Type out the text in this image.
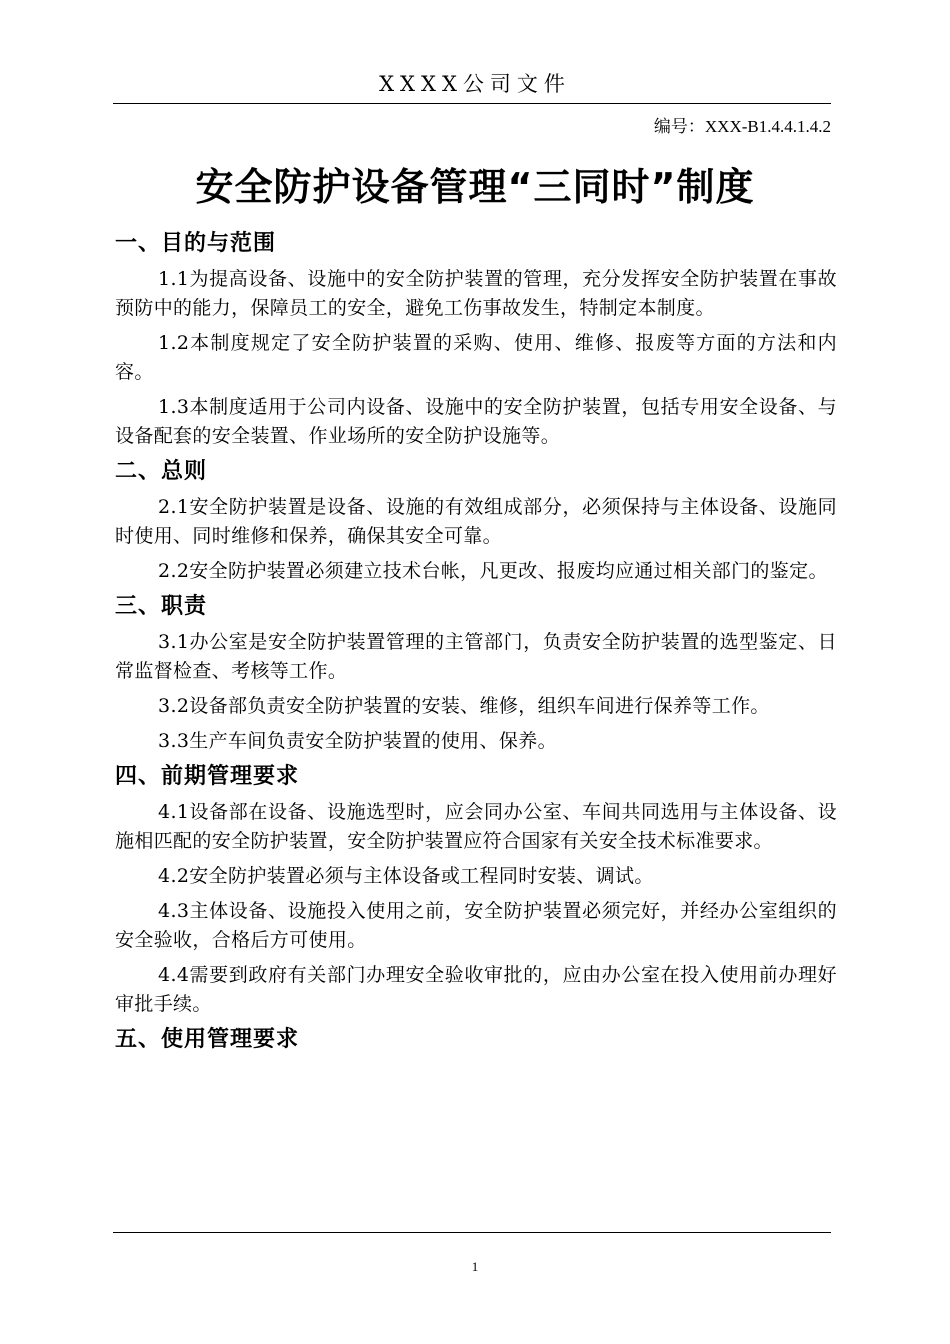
XXXX公司文件
编号：XXX-B1.4.4.1.4.2
安全防护设备管理“三同时”制度
一、目的与范围

1.1为提高设备、设施中的安全防护装置的管理，充分发挥安全防护装置在事故预防中的能力，保障员工的安全，避免工伤事故发生，特制定本制度。

1.2本制度规定了安全防护装置的采购、使用、维修、报废等方面的方法和内容。

1.3本制度适用于公司内设备、设施中的安全防护装置，包括专用安全设备、与设备配套的安全装置、作业场所的安全防护设施等。

二、总则

2.1安全防护装置是设备、设施的有效组成部分，必须保持与主体设备、设施同时使用、同时维修和保养，确保其安全可靠。

2.2安全防护装置必须建立技术台帐，凡更改、报废均应通过相关部门的鉴定。

三、职责

3.1办公室是安全防护装置管理的主管部门，负责安全防护装置的选型鉴定、日常监督检查、考核等工作。

3.2设备部负责安全防护装置的安装、维修，组织车间进行保养等工作。

3.3生产车间负责安全防护装置的使用、保养。

四、前期管理要求

4.1设备部在设备、设施选型时，应会同办公室、车间共同选用与主体设备、设施相匹配的安全防护装置，安全防护装置应符合国家有关安全技术标准要求。

4.2安全防护装置必须与主体设备或工程同时安装、调试。

4.3主体设备、设施投入使用之前，安全防护装置必须完好，并经办公室组织的安全验收，合格后方可使用。

4.4需要到政府有关部门办理安全验收审批的，应由办公室在投入使用前办理好审批手续。

五、使用管理要求
1
